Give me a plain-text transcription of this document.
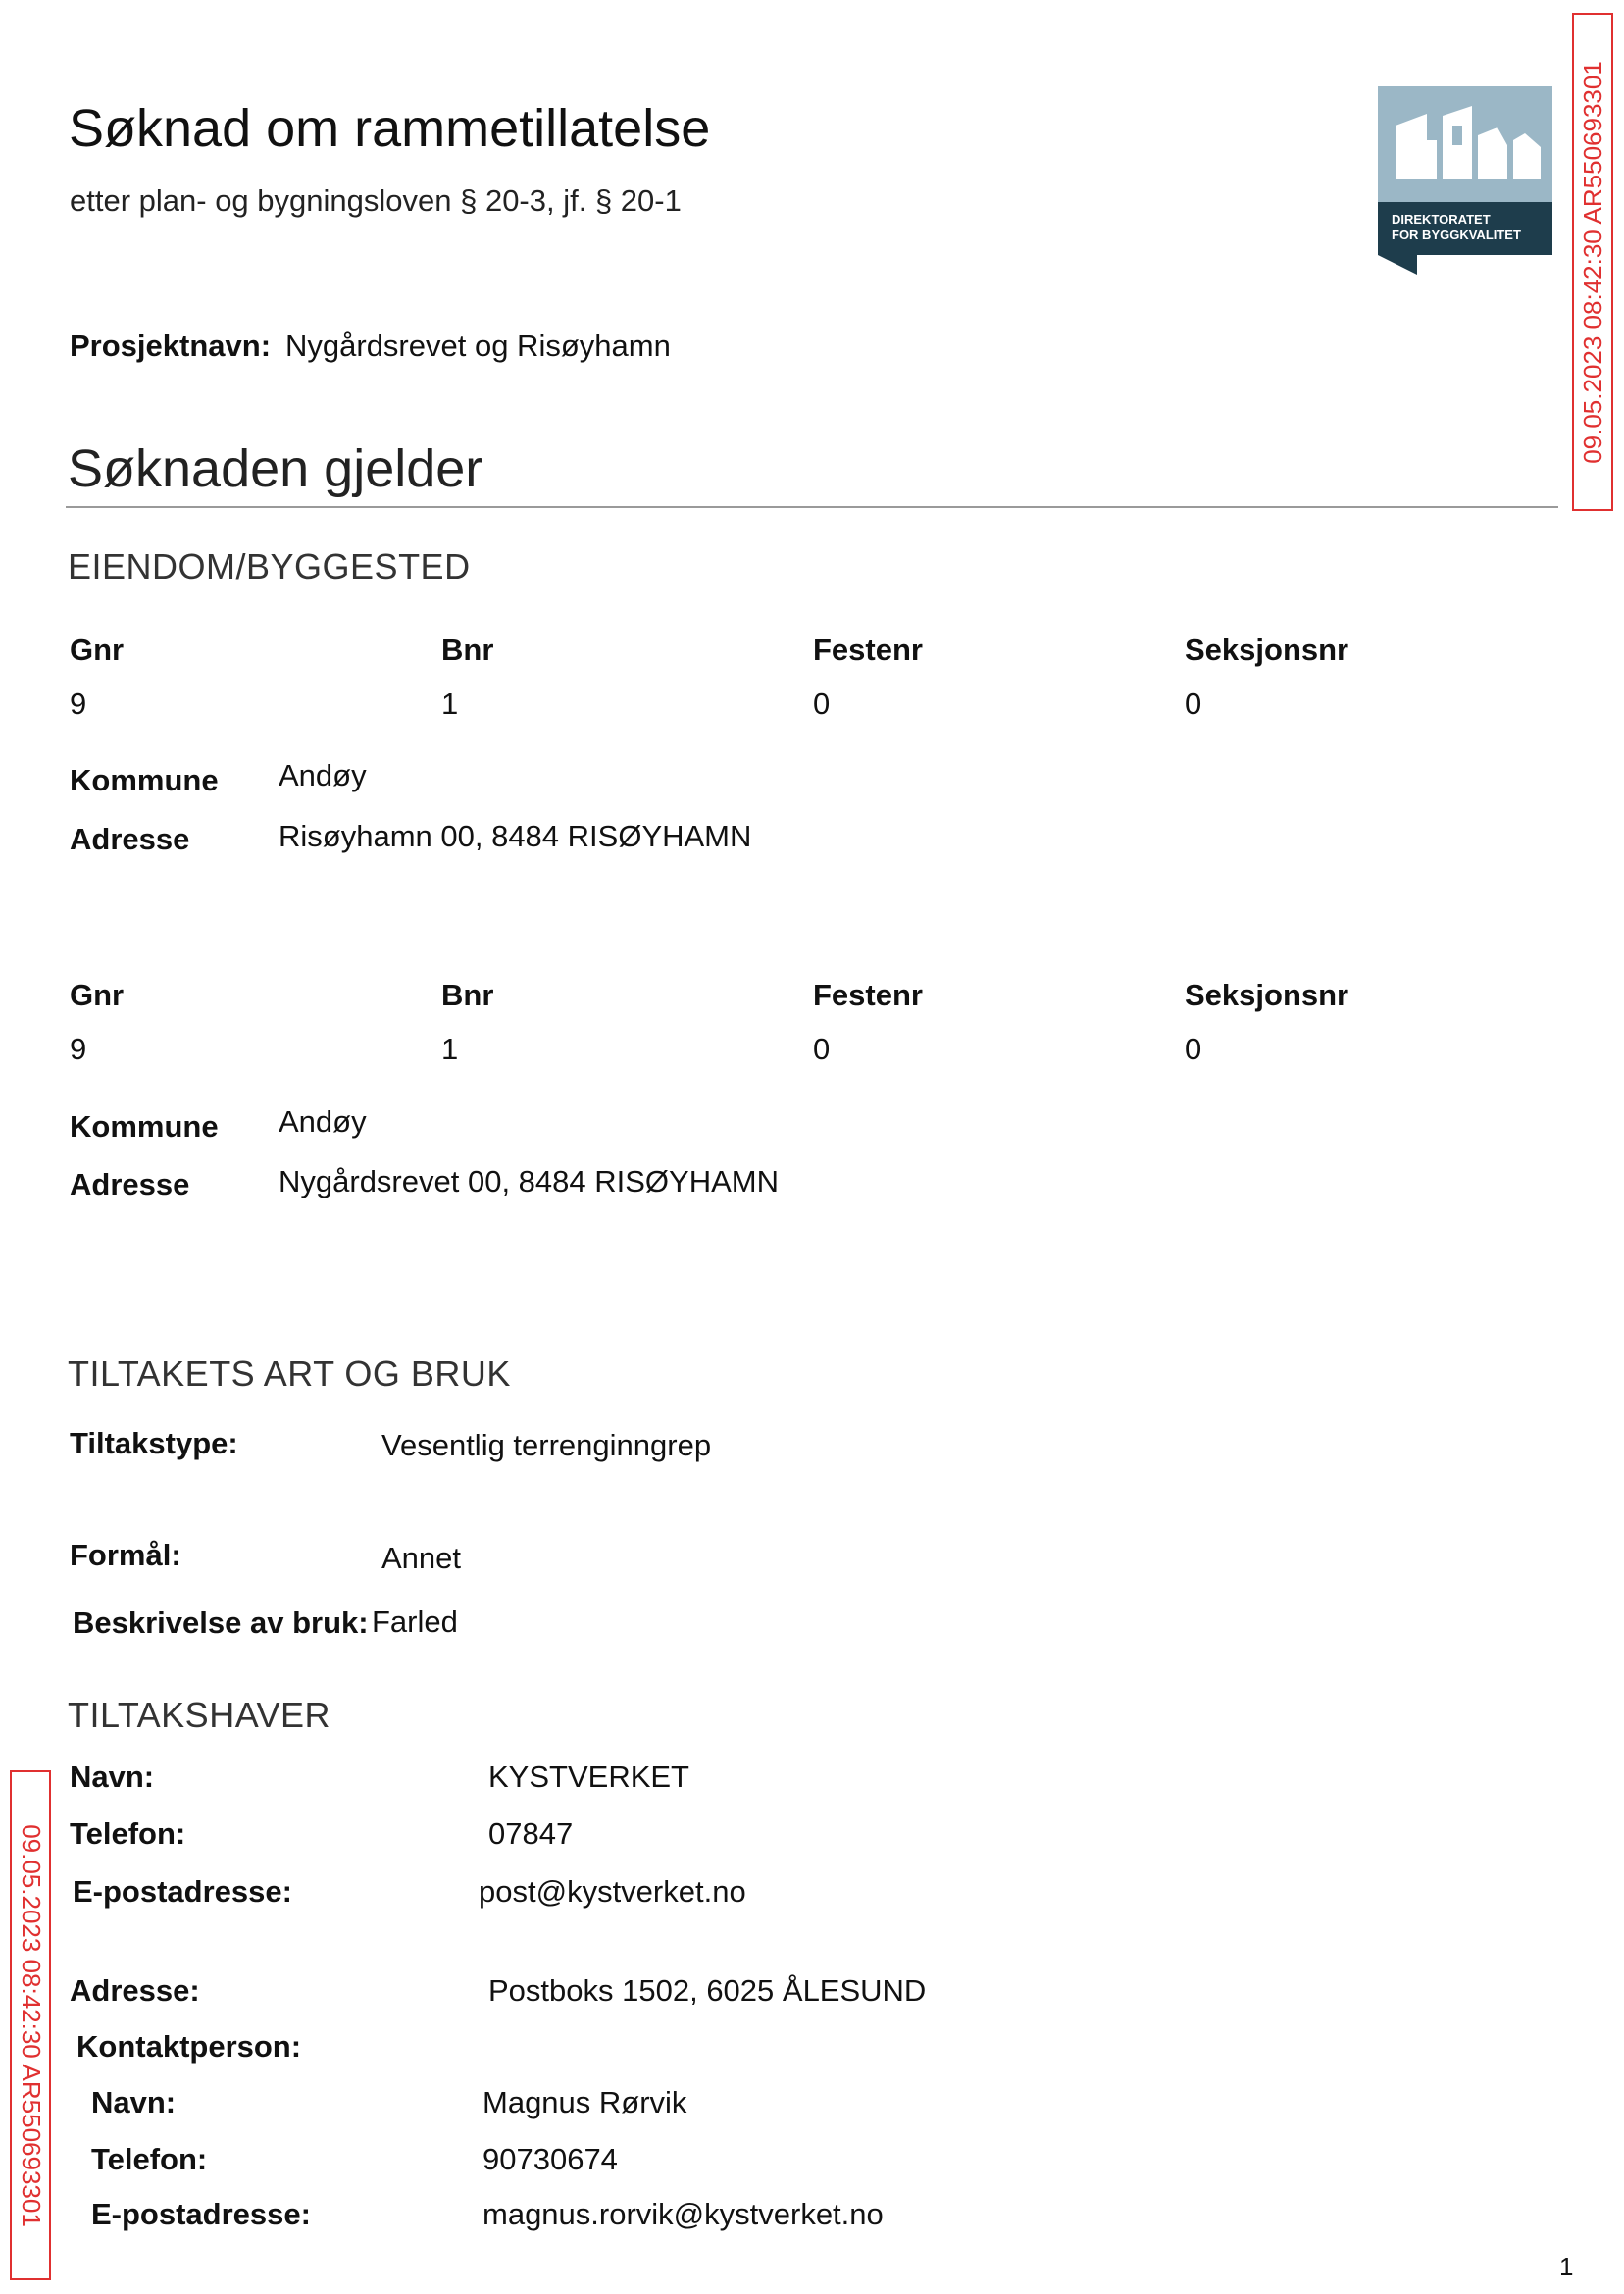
Søknad om rammetillatelse
etter plan- og bygningsloven § 20-3, jf. § 20-1
DIREKTORATET
FOR BYGGKVALITET 09.05.2023 08:42:30 AR550693301
09.05.2023 08:42:30 AR550693301
Prosjektnavn: Nygårdsrevet og Risøyhamn
Søknaden gjelder
EIENDOM/BYGGESTED
Gnr	Bnr	Festenr	Seksjonsnr
9	1	0	0
Kommune Andøy
Adresse	Risøyhamn 00, 8484 RISØYHAMN
Gnr	Bnr	Festenr	Seksjonsnr
9	1	0	0
Kommune Andøy
Adresse	Nygårdsrevet 00, 8484 RISØYHAMN
TILTAKETS ART OG BRUK
Tiltakstype:	Vesentlig terrenginngrep
Formål:	Annet
Beskrivelse av bruk: Farled
TILTAKSHAVER
Navn:	KYSTVERKET
Telefon:	07847
E-postadresse:	post@kystverket.no
Adresse:	Postboks 1502, 6025 ÅLESUND
Kontaktperson:
Navn:	Magnus Rørvik
Telefon:	90730674
E-postadresse:	magnus.rorvik@kystverket.no
1
